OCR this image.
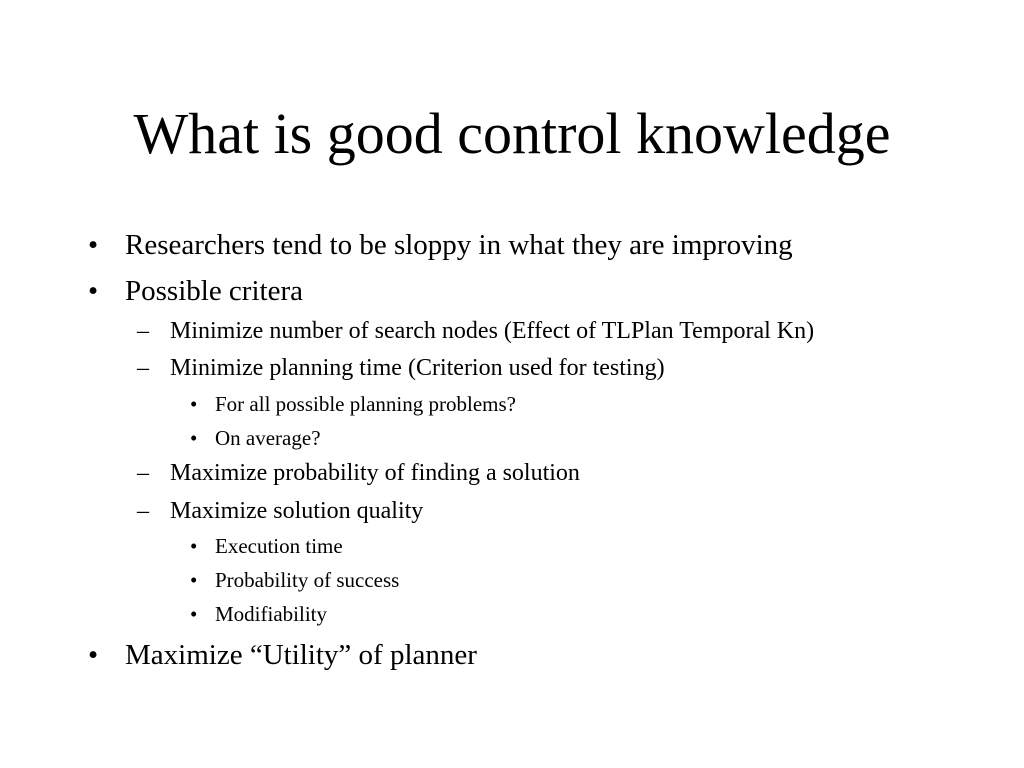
What is good control knowledge
• Researchers tend to be sloppy in what they are improving
• Possible critera
– Minimize number of search nodes (Effect of TLPlan Temporal Kn)
– Minimize planning time (Criterion used for testing)
• For all possible planning problems?
• On average?
– Maximize probability of finding a solution
– Maximize solution quality
• Execution time
• Probability of success
• Modifiability
• Maximize “Utility” of planner
